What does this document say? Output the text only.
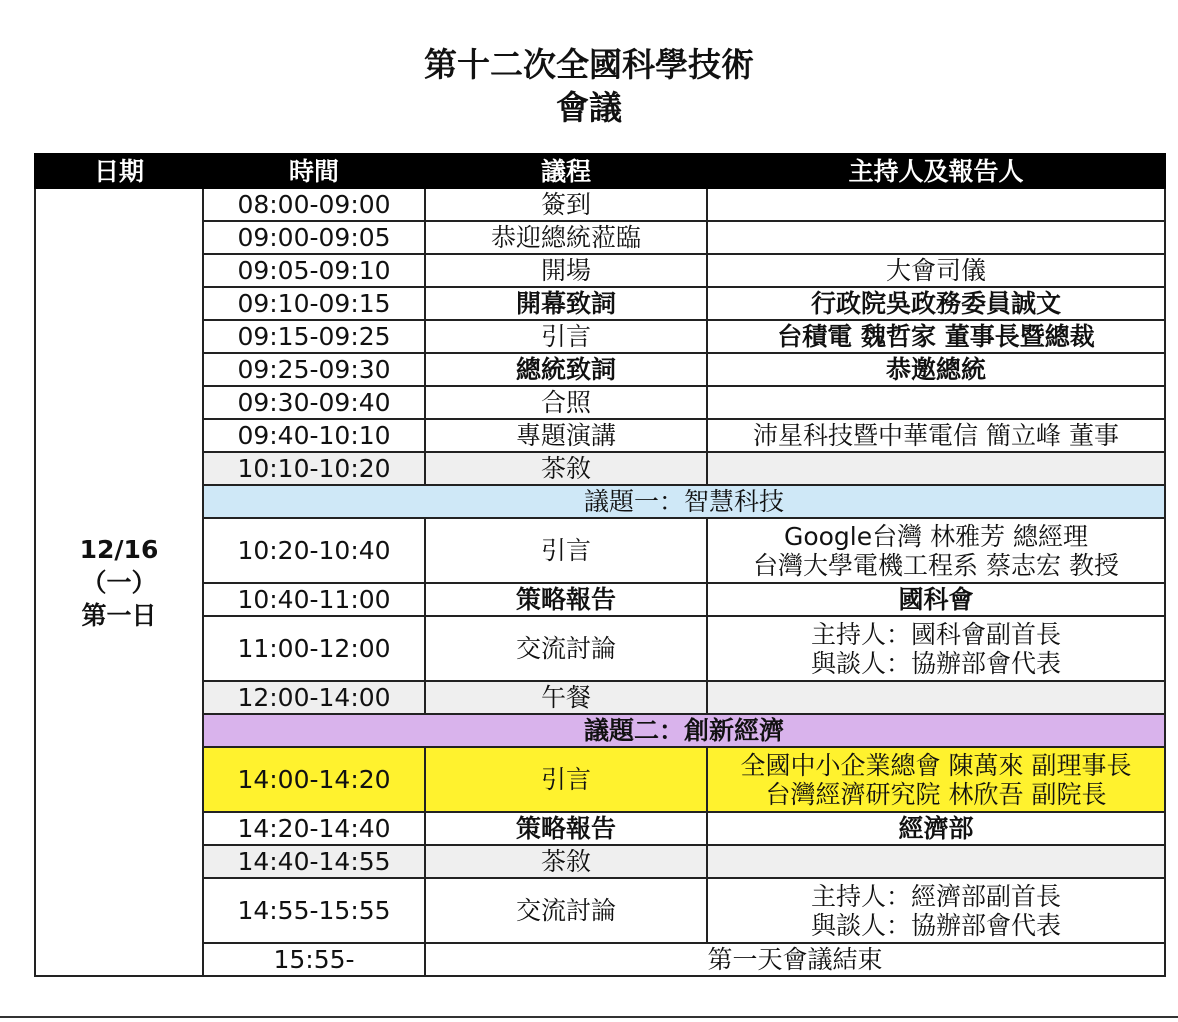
第十二次全國科學技術
會議
日期	時間	議程	主持人及報告人

12/16
（一）
第一日	08:00-09:00	簽到	
	09:00-09:05	恭迎總統蒞臨	
	09:05-09:10	開場	大會司儀
	09:10-09:15	開幕致詞	行政院吳政務委員誠文
	09:15-09:25	引言	台積電 魏哲家 董事長暨總裁
	09:25-09:30	總統致詞	恭邀總統
	09:30-09:40	合照	
	09:40-10:10	專題演講	沛星科技暨中華電信 簡立峰 董事
	10:10-10:20	茶敘	
	議題一：智慧科技		
	10:20-10:40	引言	Google台灣 林雅芳 總經理
台灣大學電機工程系 蔡志宏 教授

	10:40-11:00	策略報告	國科會
	11:00-12:00	交流討論	主持人：國科會副首長
與談人：協辦部會代表

	12:00-14:00	午餐	
	議題二：創新經濟		
	14:00-14:20	引言	全國中小企業總會 陳萬來 副理事長
台灣經濟研究院 林欣吾 副院長

	14:20-14:40	策略報告	經濟部
	14:40-14:55	茶敘	
	14:55-15:55	交流討論	主持人：經濟部副首長
與談人：協辦部會代表

	15:55-	第一天會議結束	
